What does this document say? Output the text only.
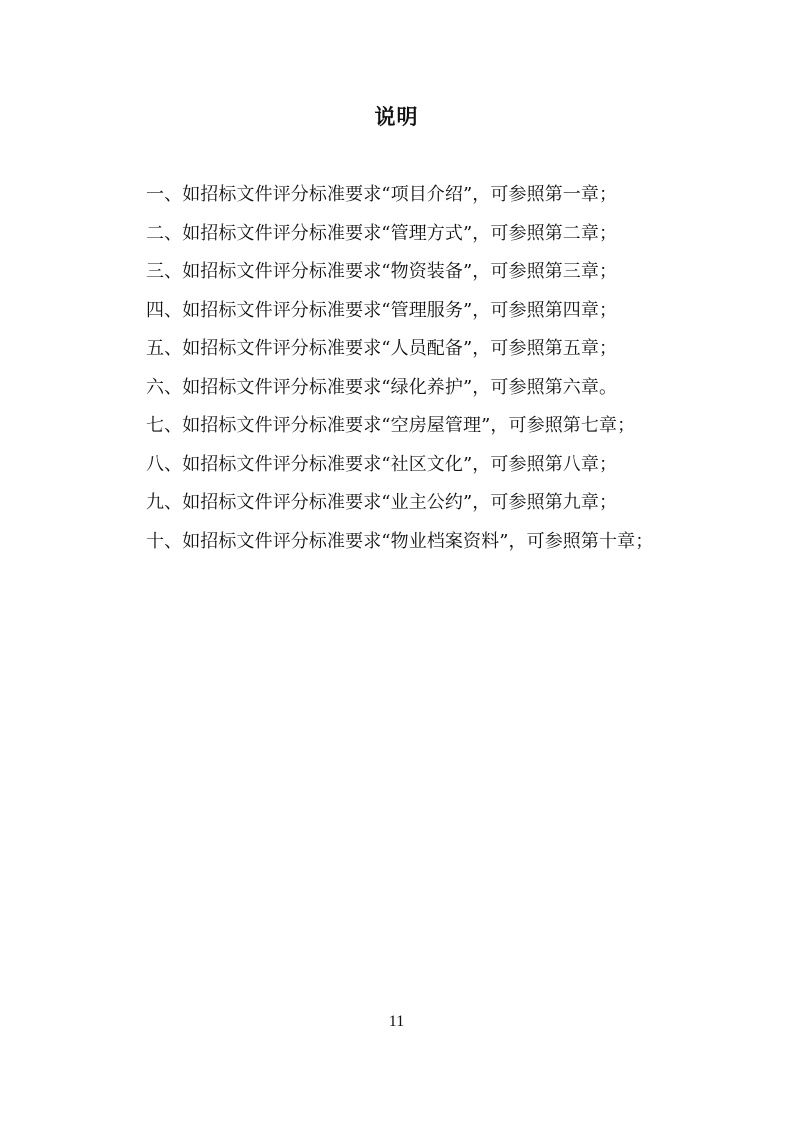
说明

一、如招标文件评分标准要求“项目介绍”，可参照第一章；

二、如招标文件评分标准要求“管理方式”，可参照第二章；

三、如招标文件评分标准要求“物资装备”，可参照第三章；

四、如招标文件评分标准要求“管理服务”，可参照第四章；

五、如招标文件评分标准要求“人员配备”，可参照第五章；

六、如招标文件评分标准要求“绿化养护”，可参照第六章。

七、如招标文件评分标准要求“空房屋管理”，可参照第七章；

八、如招标文件评分标准要求“社区文化”，可参照第八章；

九、如招标文件评分标准要求“业主公约”，可参照第九章；

十、如招标文件评分标准要求“物业档案资料”，可参照第十章；

11
